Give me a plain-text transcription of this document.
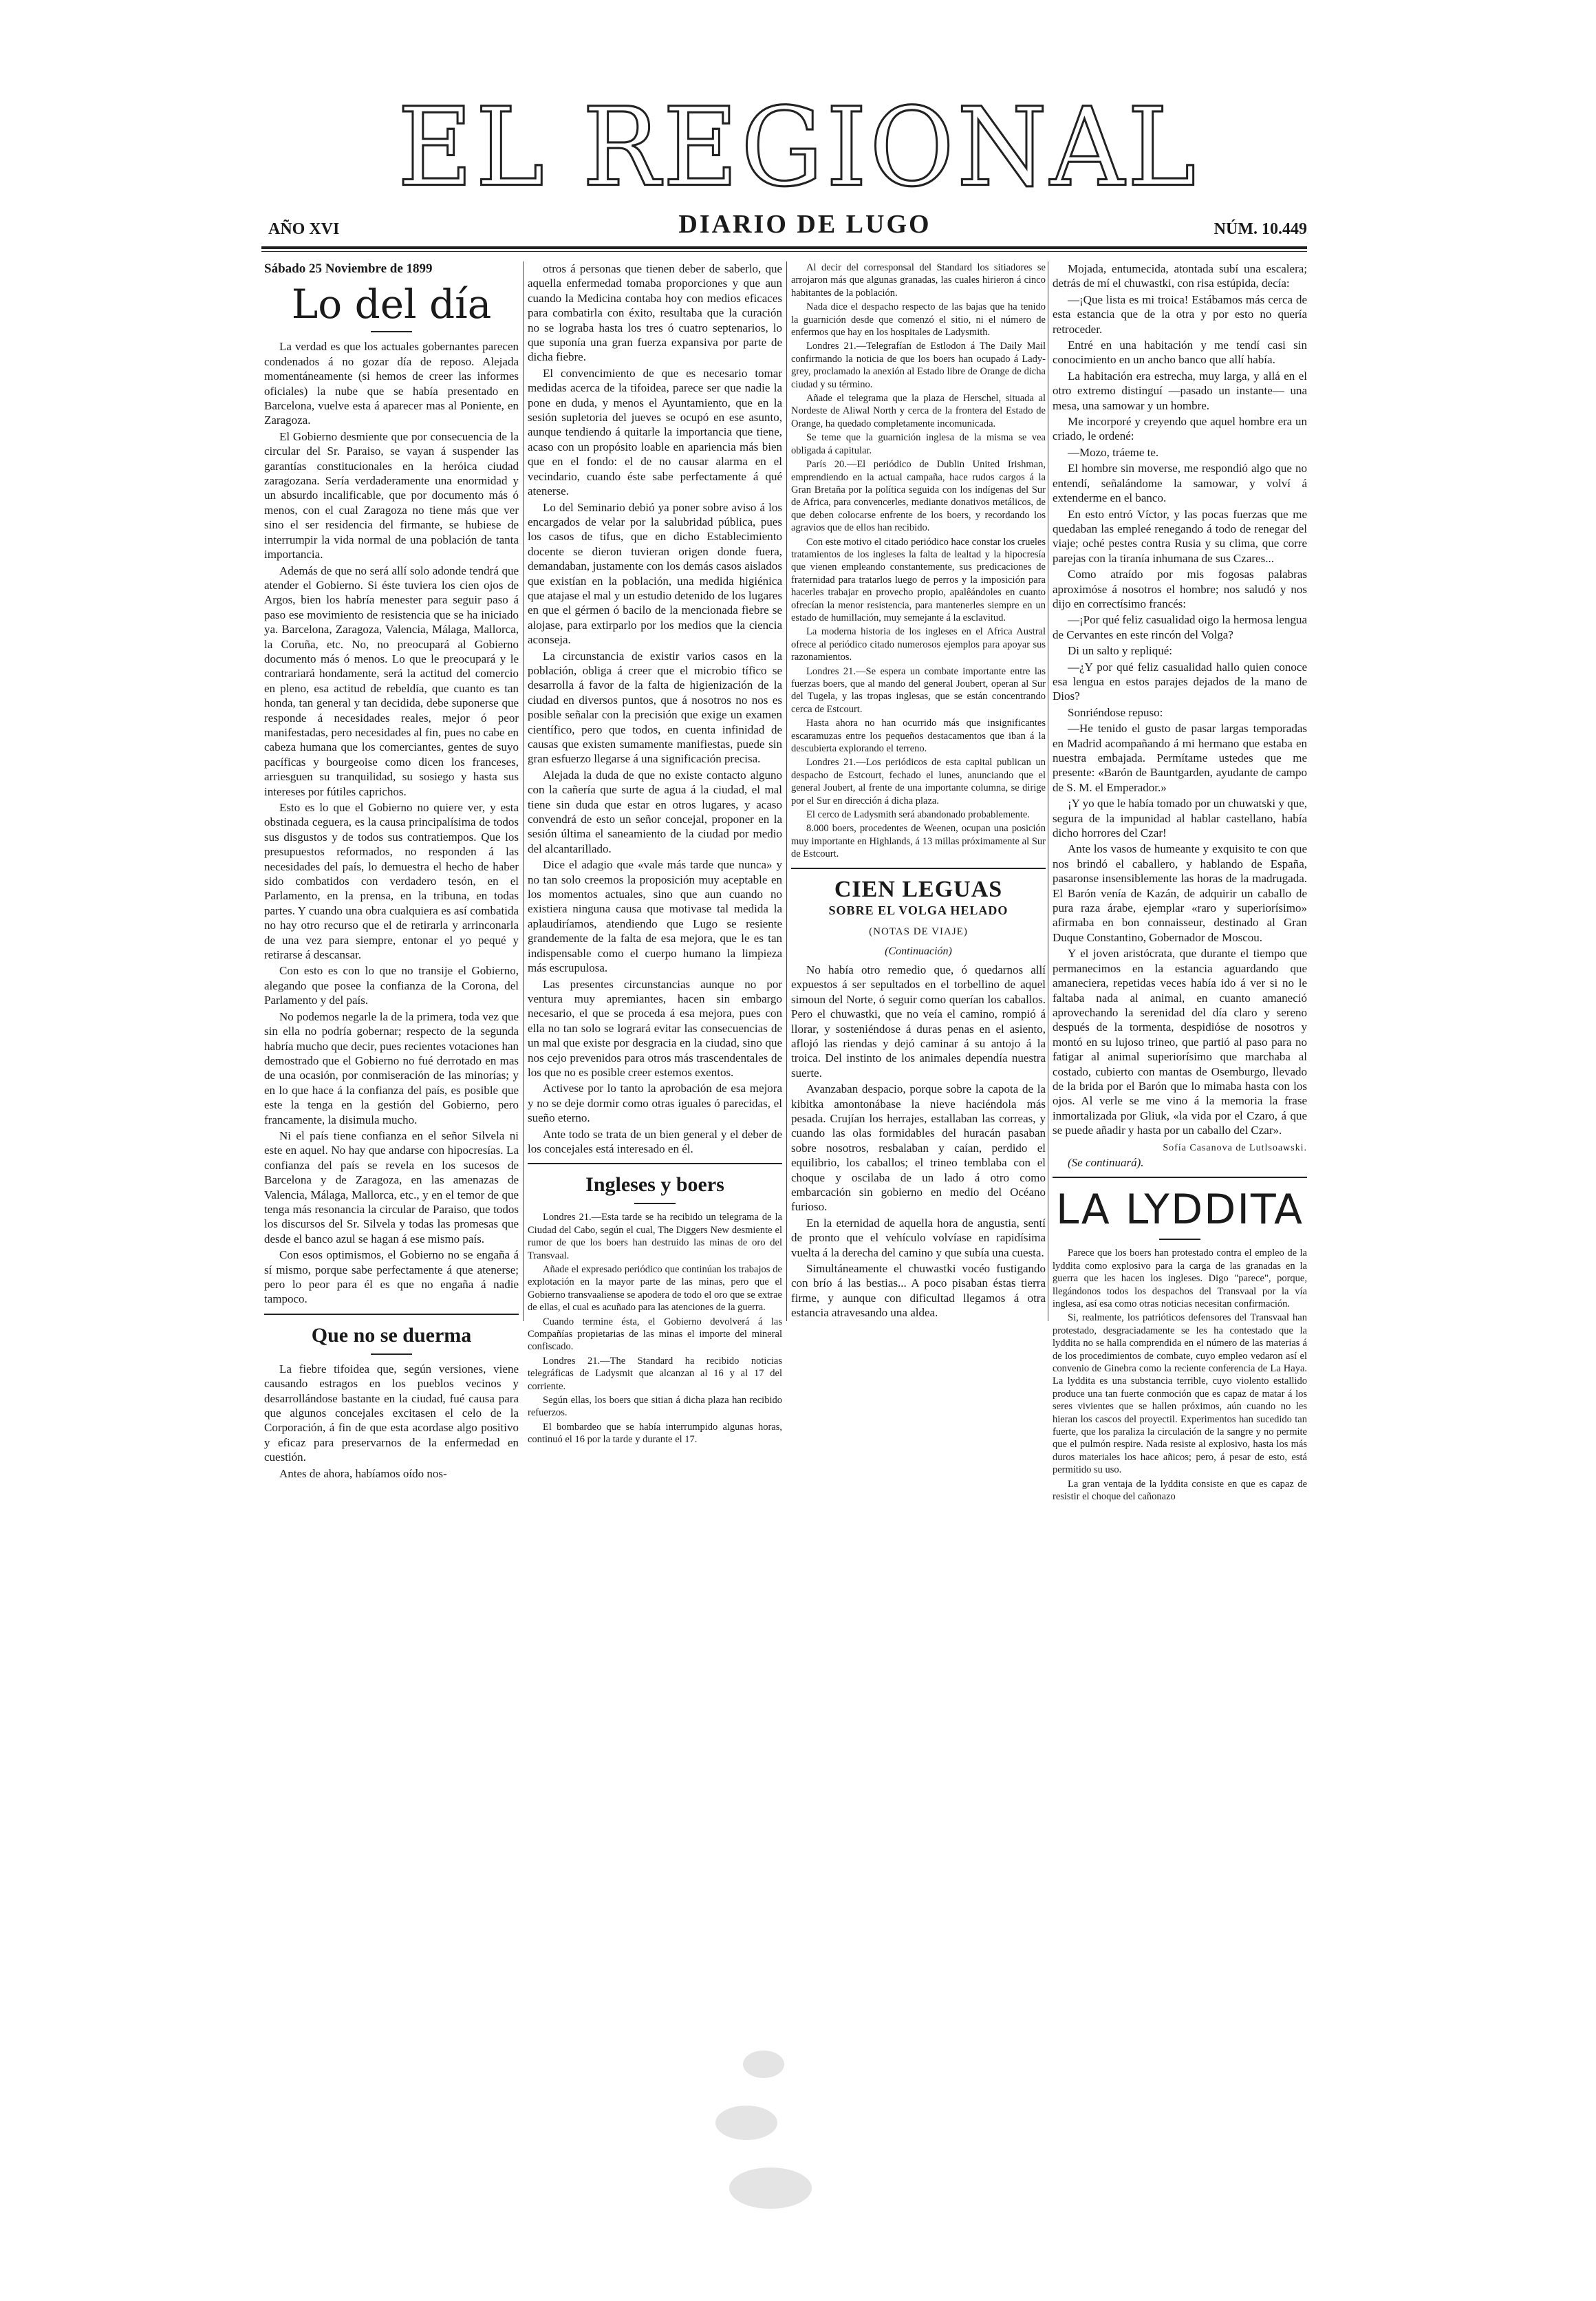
EL REGIONAL
AÑO XVI	DIARIO DE LUGO	NÚM. 10.449
Sábado 25 Noviembre de 1899
Lo del día

La verdad es que los actuales gobernantes parecen condenados á no gozar día de reposo. Alejada momentáneamente (si hemos de creer las informes oficiales) la nube que se había presentado en Barcelona, vuelve esta á aparecer mas al Poniente, en Zaragoza.

El Gobierno desmiente que por consecuencia de la circular del Sr. Paraiso, se vayan á suspender las garantías constitucionales en la heróica ciudad zaragozana. Sería verdaderamente una enormidad y un absurdo incalificable, que por documento más ó menos, con el cual Zaragoza no tiene más que ver sino el ser residencia del firmante, se hubiese de interrumpir la vida normal de una población de tanta importancia.

Además de que no será allí solo adonde tendrá que atender el Gobierno. Si éste tuviera los cien ojos de Argos, bien los habría menester para seguir paso á paso ese movimiento de resistencia que se ha iniciado ya. Barcelona, Zaragoza, Valencia, Málaga, Mallorca, la Coruña, etc. No, no preocupará al Gobierno documento más ó menos. Lo que le preocupará y le contrariará hondamente, será la actitud del comercio en pleno, esa actitud de rebeldía, que cuanto es tan honda, tan general y tan decidida, debe suponerse que responde á necesidades reales, mejor ó peor manifestadas, pero necesidades al fin, pues no cabe en cabeza humana que los comerciantes, gentes de suyo pacíficas y bourgeoise como dicen los franceses, arriesguen su tranquilidad, su sosiego y hasta sus intereses por fútiles caprichos.

Esto es lo que el Gobierno no quiere ver, y esta obstinada ceguera, es la causa principalísima de todos sus disgustos y de todos sus contratiempos. Que los presupuestos reformados, no responden á las necesidades del país, lo demuestra el hecho de haber sido combatidos con verdadero tesón, en el Parlamento, en la prensa, en la tribuna, en todas partes. Y cuando una obra cualquiera es así combatida no hay otro recurso que el de retirarla y arrinconarla de una vez para siempre, entonar el yo pequé y retirarse á descansar.

Con esto es con lo que no transije el Gobierno, alegando que posee la confianza de la Corona, del Parlamento y del país.

No podemos negarle la de la primera, toda vez que sin ella no podría gobernar; respecto de la segunda habría mucho que decir, pues recientes votaciones han demostrado que el Gobierno no fué derrotado en mas de una ocasión, por conmiseración de las minorías; y en lo que hace á la confianza del país, es posible que este la tenga en la gestión del Gobierno, pero francamente, la disimula mucho.

Ni el país tiene confianza en el señor Silvela ni este en aquel. No hay que andarse con hipocresías. La confianza del país se revela en los sucesos de Barcelona y de Zaragoza, en las amenazas de Valencia, Málaga, Mallorca, etc., y en el temor de que tenga más resonancia la circular de Paraiso, que todos los discursos del Sr. Silvela y todas las promesas que desde el banco azul se hagan á ese mismo país.

Con esos optimismos, el Gobierno no se engaña á sí mismo, porque sabe perfectamente á que atenerse; pero lo peor para él es que no engaña á nadie tampoco.

Que no se duerma

La fiebre tifoidea que, según versiones, viene causando estragos en los pueblos vecinos y desarrollándose bastante en la ciudad, fué causa para que algunos concejales excitasen el celo de la Corporación, á fin de que esta acordase algo positivo y eficaz para preservarnos de la enfermedad en cuestión.

Antes de ahora, habíamos oído nos-

otros á personas que tienen deber de saberlo, que aquella enfermedad tomaba proporciones y que aun cuando la Medicina contaba hoy con medios eficaces para combatirla con éxito, resultaba que la curación no se lograba hasta los tres ó cuatro septenarios, lo que suponía una gran fuerza expansiva por parte de dicha fiebre.

El convencimiento de que es necesario tomar medidas acerca de la tifoidea, parece ser que nadie la pone en duda, y menos el Ayuntamiento, que en la sesión supletoria del jueves se ocupó en ese asunto, aunque tendiendo á quitarle la importancia que tiene, acaso con un propósito loable en apariencia más bien que en el fondo: el de no causar alarma en el vecindario, cuando éste sabe perfectamente á qué atenerse.

Lo del Seminario debió ya poner sobre aviso á los encargados de velar por la salubridad pública, pues los casos de tifus, que en dicho Establecimiento docente se dieron tuvieran origen donde fuera, demandaban, justamente con los demás casos aislados que existían en la población, una medida higiénica que atajase el mal y un estudio detenido de los lugares en que el gérmen ó bacilo de la mencionada fiebre se alojase, para extirparlo por los medios que la ciencia aconseja.

La circunstancia de existir varios casos en la población, obliga á creer que el microbio tífico se desarrolla á favor de la falta de higienización de la ciudad en diversos puntos, que á nosotros no nos es posible señalar con la precisión que exige un examen científico, pero que todos, en cuenta infinidad de causas que existen sumamente manifiestas, puede sin gran esfuerzo llegarse á una significación precisa.

Alejada la duda de que no existe contacto alguno con la cañería que surte de agua á la ciudad, el mal tiene sin duda que estar en otros lugares, y acaso convendrá de esto un señor concejal, proponer en la sesión última el saneamiento de la ciudad por medio del alcantarillado.

Dice el adagio que «vale más tarde que nunca» y no tan solo creemos la proposición muy aceptable en los momentos actuales, sino que aun cuando no existiera ninguna causa que motivase tal medida la aplaudiríamos, atendiendo que Lugo se resiente grandemente de la falta de esa mejora, que le es tan indispensable como el cuerpo humano la limpieza más escrupulosa.

Las presentes circunstancias aunque no por ventura muy apremiantes, hacen sin embargo necesario, el que se proceda á esa mejora, pues con ella no tan solo se logrará evitar las consecuencias de un mal que existe por desgracia en la ciudad, sino que nos cejo prevenidos para otros más trascendentales de los que no es posible creer estemos exentos.

Activese por lo tanto la aprobación de esa mejora y no se deje dormir como otras iguales ó parecidas, el sueño eterno.

Ante todo se trata de un bien general y el deber de los concejales está interesado en él.

Ingleses y boers

Londres 21.—Esta tarde se ha recibido un telegrama de la Ciudad del Cabo, según el cual, The Diggers New desmiente el rumor de que los boers han destruido las minas de oro del Transvaal.

Añade el expresado periódico que continúan los trabajos de explotación en la mayor parte de las minas, pero que el Gobierno transvaaliense se apodera de todo el oro que se extrae de ellas, el cual es acuñado para las atenciones de la guerra.

Cuando termine ésta, el Gobierno devolverá á las Compañías propietarias de las minas el importe del mineral confiscado.

Londres 21.—The Standard ha recibido noticias telegráficas de Ladysmit que alcanzan al 16 y al 17 del corriente.

Según ellas, los boers que sitian á dicha plaza han recibido refuerzos.

El bombardeo que se había interrumpido algunas horas, continuó el 16 por la tarde y durante el 17.

Al decir del corresponsal del Standard los sitiadores se arrojaron más que algunas granadas, las cuales hirieron á cinco habitantes de la población.

Nada dice el despacho respecto de las bajas que ha tenido la guarnición desde que comenzó el sitio, ni el número de enfermos que hay en los hospitales de Ladysmith.

Londres 21.—Telegrafían de Estlodon á The Daily Mail confirmando la noticia de que los boers han ocupado á Lady-grey, proclamado la anexión al Estado libre de Orange de dicha ciudad y su término.

Añade el telegrama que la plaza de Herschel, situada al Nordeste de Aliwal North y cerca de la frontera del Estado de Orange, ha quedado completamente incomunicada.

Se teme que la guarnición inglesa de la misma se vea obligada á capitular.

París 20.—El periódico de Dublin United Irishman, emprendiendo en la actual campaña, hace rudos cargos á la Gran Bretaña por la política seguida con los indígenas del Sur de Africa, para convencerles, mediante donativos metálicos, de que deben colocarse enfrente de los boers, y recordando los agravios que de ellos han recibido.

Con este motivo el citado periódico hace constar los crueles tratamientos de los ingleses la falta de lealtad y la hipocresía que vienen empleando constantemente, sus predicaciones de fraternidad para tratarlos luego de perros y la imposición para hacerles trabajar en provecho propio, apalêándoles en cuanto ofrecían la menor resistencia, para mantenerles siempre en un estado de humillación, muy semejante á la esclavitud.

La moderna historia de los ingleses en el Africa Austral ofrece al periódico citado numerosos ejemplos para apoyar sus razonamientos.

Londres 21.—Se espera un combate importante entre las fuerzas boers, que al mando del general Joubert, operan al Sur del Tugela, y las tropas inglesas, que se están concentrando cerca de Estcourt.

Hasta ahora no han ocurrido más que insignificantes escaramuzas entre los pequeños destacamentos que iban á la descubierta explorando el terreno.

Londres 21.—Los periódicos de esta capital publican un despacho de Estcourt, fechado el lunes, anunciando que el general Joubert, al frente de una importante columna, se dirige por el Sur en dirección á dicha plaza.

El cerco de Ladysmith será abandonado probablemente.

8.000 boers, procedentes de Weenen, ocupan una posición muy importante en Highlands, á 13 millas próximamente al Sur de Estcourt.

CIEN LEGUAS
SOBRE EL VOLGA HELADO
(NOTAS DE VIAJE)
(Continuación)

No había otro remedio que, ó quedarnos allí expuestos á ser sepultados en el torbellino de aquel simoun del Norte, ó seguir como querían los caballos. Pero el chuwastki, que no veía el camino, rompió á llorar, y sosteniéndose á duras penas en el asiento, aflojó las riendas y dejó caminar á su antojo á la troica. Del instinto de los animales dependía nuestra suerte.

Avanzaban despacio, porque sobre la capota de la kibitka amontonábase la nieve haciéndola más pesada. Crujían los herrajes, estallaban las correas, y cuando las olas formidables del huracán pasaban sobre nosotros, resbalaban y caían, perdido el equilibrio, los caballos; el trineo temblaba con el choque y oscilaba de un lado á otro como embarcación sin gobierno en medio del Océano furioso.

En la eternidad de aquella hora de angustia, sentí de pronto que el vehículo volvíase en rapidísima vuelta á la derecha del camino y que subía una cuesta.

Simultáneamente el chuwastki vocéo fustigando con brío á las bestias... A poco pisaban éstas tierra firme, y aunque con dificultad llegamos á otra estancia atravesando una aldea.

Mojada, entumecida, atontada subí una escalera; detrás de mí el chuwastki, con risa estúpida, decía:

—¡Que lista es mi troica! Estábamos más cerca de esta estancia que de la otra y por esto no quería retroceder.

Entré en una habitación y me tendí casi sin conocimiento en un ancho banco que allí había.

La habitación era estrecha, muy larga, y allá en el otro extremo distinguí —pasado un instante— una mesa, una samowar y un hombre.

Me incorporé y creyendo que aquel hombre era un criado, le ordené:

—Mozo, tráeme te.

El hombre sin moverse, me respondió algo que no entendí, señalándome la samowar, y volví á extenderme en el banco.

En esto entró Víctor, y las pocas fuerzas que me quedaban las empleé renegando á todo de renegar del viaje; oché pestes contra Rusia y su clima, que corre parejas con la tiranía inhumana de sus Czares...

Como atraído por mis fogosas palabras aproximóse á nosotros el hombre; nos saludó y nos dijo en correctísimo francés:

—¡Por qué feliz casualidad oigo la hermosa lengua de Cervantes en este rincón del Volga?

Di un salto y repliqué:

—¿Y por qué feliz casualidad hallo quien conoce esa lengua en estos parajes dejados de la mano de Dios?

Sonriéndose repuso:

—He tenido el gusto de pasar largas temporadas en Madrid acompañando á mi hermano que estaba en nuestra embajada. Permítame ustedes que me presente: «Barón de Bauntgarden, ayudante de campo de S. M. el Emperador.»

¡Y yo que le había tomado por un chuwatski y que, segura de la impunidad al hablar castellano, había dicho horrores del Czar!

Ante los vasos de humeante y exquisito te con que nos brindó el caballero, y hablando de España, pasaronse insensiblemente las horas de la madrugada. El Barón venía de Kazán, de adquirir un caballo de pura raza árabe, ejemplar «raro y superiorísimo» afirmaba en bon connaisseur, destinado al Gran Duque Constantino, Gobernador de Moscou.

Y el joven aristócrata, que durante el tiempo que permanecimos en la estancia aguardando que amaneciera, repetidas veces había ido á ver si no le faltaba nada al animal, en cuanto amaneció aprovechando la serenidad del día claro y sereno después de la tormenta, despidióse de nosotros y montó en su lujoso trineo, que partió al paso para no fatigar al animal superiorísimo que marchaba al costado, cubierto con mantas de Osemburgo, llevado de la brida por el Barón que lo mimaba hasta con los ojos. Al verle se me vino á la memoria la frase inmortalizada por Gliuk, «la vida por el Czaro, á que se puede añadir y hasta por un caballo del Czar».

Sofía Casanova de Lutlsoawski.

(Se continuará).

LA LYDDITA

Parece que los boers han protestado contra el empleo de la lyddita como explosivo para la carga de las granadas en la guerra que les hacen los ingleses. Digo "parece", porque, llegándonos todos los despachos del Transvaal por la vía inglesa, así esa como otras noticias necesitan confirmación.

Si, realmente, los patrióticos defensores del Transvaal han protestado, desgraciadamente se les ha contestado que la lyddita no se halla comprendida en el número de las materias á de los procedimientos de combate, cuyo empleo vedaron así el convenio de Ginebra como la reciente conferencia de La Haya. La lyddita es una substancia terrible, cuyo violento estallido produce una tan fuerte conmoción que es capaz de matar á los seres vivientes que se hallen próximos, aún cuando no les hieran los cascos del proyectil. Experimentos han sucedido tan fuerte, que los paraliza la circulación de la sangre y no permite que el pulmón respire. Nada resiste al explosivo, hasta los más duros materiales los hace añicos; pero, á pesar de esto, está permitido su uso.

La gran ventaja de la lyddita consiste en que es capaz de resistir el choque del cañonazo
